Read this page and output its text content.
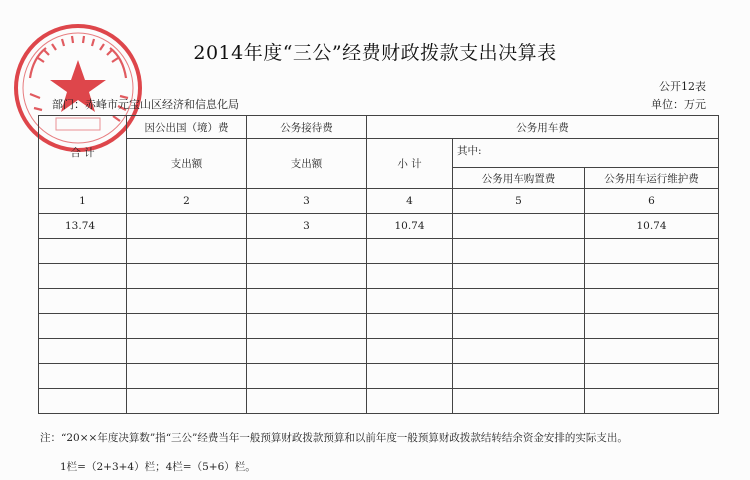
2014年度“三公”经费财政拨款支出决算表
公开12表
部门：赤峰市元宝山区经济和信息化局	单位：万元
合 计	因公出国（境）费	公务接待费	公务用车费		
	支出额	支出额	小 计	其中:	
				公务用车购置费	公务用车运行维护费
1	2	3	4	5	6
13.74		3	10.74		10.74

注：“20××年度决算数”指“三公”经费当年一般预算财政拨款预算和以前年度一般预算财政拨款结转结余资金安排的实际支出。
1栏=（2+3+4）栏；4栏=（5+6）栏。
